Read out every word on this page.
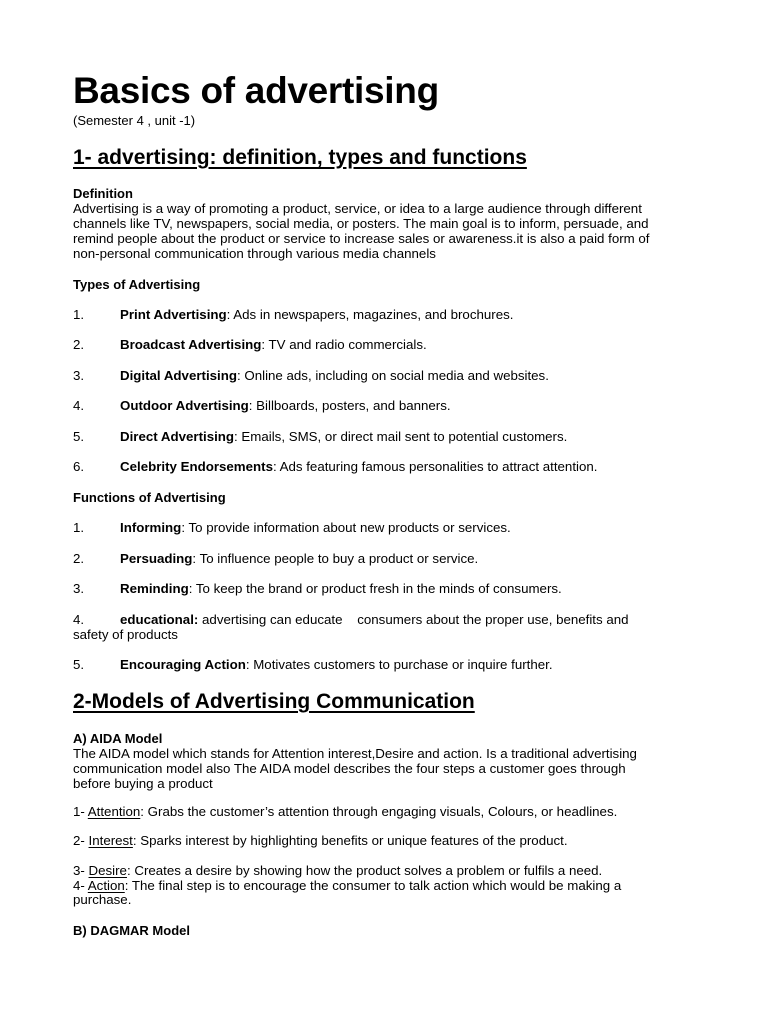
Basics of advertising
(Semester 4 , unit -1)
1- advertising: definition, types and functions
Definition
Advertising is a way of promoting a product, service, or idea to a large audience through different
channels like TV, newspapers, social media, or posters. The main goal is to inform, persuade, and
remind people about the product or service to increase sales or awareness.it is also a paid form of
non-personal communication through various media channels
Types of Advertising
1.	Print Advertising: Ads in newspapers, magazines, and brochures.
2.	Broadcast Advertising: TV and radio commercials.
3.	Digital Advertising: Online ads, including on social media and websites.
4.	Outdoor Advertising: Billboards, posters, and banners.
5.	Direct Advertising: Emails, SMS, or direct mail sent to potential customers.
6.	Celebrity Endorsements: Ads featuring famous personalities to attract attention.
Functions of Advertising
1.	Informing: To provide information about new products or services.
2.	Persuading: To influence people to buy a product or service.
3.	Reminding: To keep the brand or product fresh in the minds of consumers.
4.	educational: advertising can educate    consumers about the proper use, benefits and
safety of products
5.	Encouraging Action: Motivates customers to purchase or inquire further.
2-Models of Advertising Communication
A) AIDA Model
The AIDA model which stands for Attention interest,Desire and action. Is a traditional advertising
communication model also The AIDA model describes the four steps a customer goes through
before buying a product
1- Attention: Grabs the customer’s attention through engaging visuals, Colours, or headlines.
2- Interest: Sparks interest by highlighting benefits or unique features of the product.
3- Desire: Creates a desire by showing how the product solves a problem or fulfils a need.
4- Action: The final step is to encourage the consumer to talk action which would be making a
purchase.
B) DAGMAR Model
